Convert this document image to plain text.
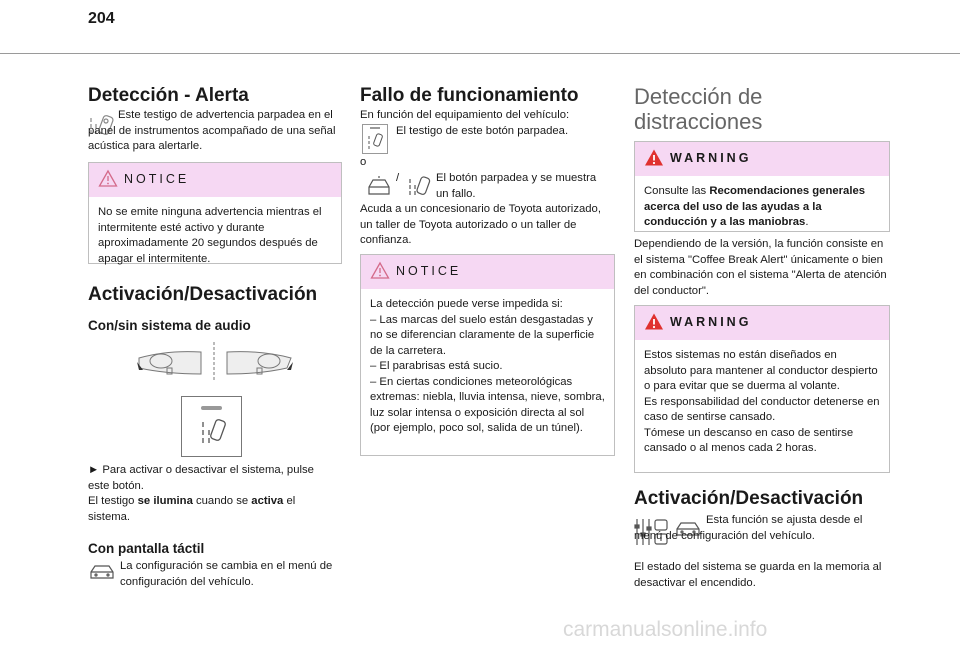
204
Detección - Alerta
Este testigo de advertencia parpadea en el panel de instrumentos acompañado de una señal acústica para alertarle.
NOTICE
No se emite ninguna advertencia mientras el intermitente esté activo y durante aproximadamente 20 segundos después de apagar el intermitente.
Activación/Desactivación
Con/sin sistema de audio
► Para activar o desactivar el sistema, pulse este botón.
El testigo se ilumina cuando se activa el sistema.
Con pantalla táctil
La configuración se cambia en el menú de configuración del vehículo.
Fallo de funcionamiento
En función del equipamiento del vehículo:
El testigo de este botón parpadea.
o
/	El botón parpadea y se muestra un fallo.
Acuda a un concesionario de Toyota autorizado, un taller de Toyota autorizado o un taller de confianza.
NOTICE
La detección puede verse impedida si:
– Las marcas del suelo están desgastadas y no se diferencian claramente de la superficie de la carretera.
– El parabrisas está sucio.
– En ciertas condiciones meteorológicas extremas: niebla, lluvia intensa, nieve, sombra, luz solar intensa o exposición directa al sol (por ejemplo, poco sol, salida de un túnel).
Detección de
distracciones
WARNING
Consulte las Recomendaciones generales acerca del uso de las ayudas a la conducción y a las maniobras.
Dependiendo de la versión, la función consiste en el sistema "Coffee Break Alert" únicamente o bien en combinación con el sistema "Alerta de atención del conductor".
WARNING
Estos sistemas no están diseñados en absoluto para mantener al conductor despierto o para evitar que se duerma al volante.
Es responsabilidad del conductor detenerse en caso de sentirse cansado.
Tómese un descanso en caso de sentirse cansado o al menos cada 2 horas.
Activación/Desactivación
Esta función se ajusta desde el menú de configuración del vehículo.
El estado del sistema se guarda en la memoria al desactivar el encendido.
carmanualsonline.info
